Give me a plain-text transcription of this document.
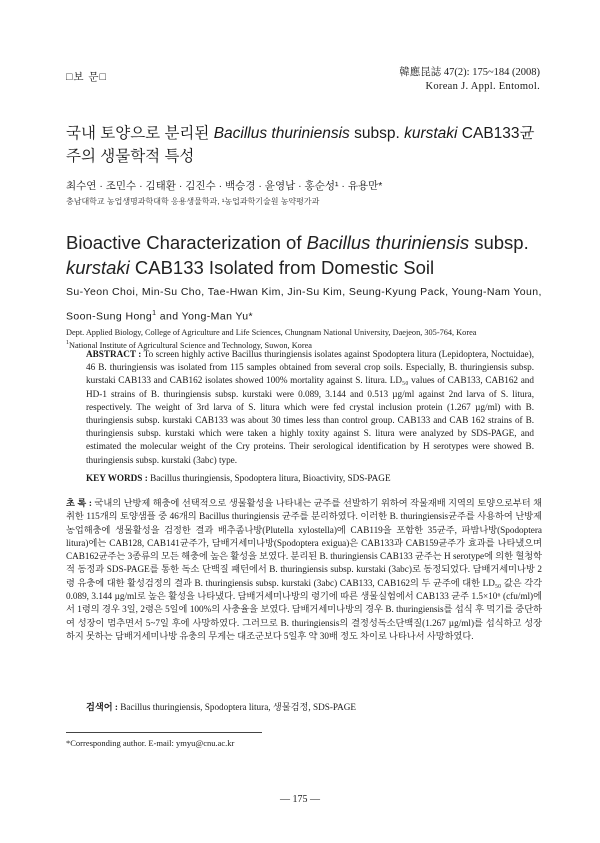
□보 문□	韓應昆誌 47(2): 175~184 (2008)
Korean J. Appl. Entomol.
국내 토양으로 분리된 Bacillus thuriniensis subsp. kurstaki CAB133균주의 생물학적 특성
최수연 · 조민수 · 김태환 · 김진수 · 백승경 · 윤영남 · 홍순성¹ · 유용만*
충남대학교 농업생명과학대학 응용생물학과, ¹농업과학기술원 농약평가과
Bioactive Characterization of Bacillus thuriniensis subsp. kurstaki CAB133 Isolated from Domestic Soil
Su-Yeon Choi, Min-Su Cho, Tae-Hwan Kim, Jin-Su Kim, Seung-Kyung Pack, Young-Nam Youn,
Soon-Sung Hong$^1$ and Yong-Man Yu*
Dept. Applied Biology, College of Agriculture and Life Sciences, Chungnam National University, Daejeon, 305-764, Korea
$^1$National Institute of Agricultural Science and Technology, Suwon, Korea
ABSTRACT : To screen highly active Bacillus thuringiensis isolates against Spodoptera litura (Lepidoptera, Noctuidae), 46 B. thuringiensis was isolated from 115 samples obtained from several crop soils. Especially, B. thuringiensis subsp. kurstaki CAB133 and CAB162 isolates showed 100% mortality against S. litura. LD₅₀ values of CAB133, CAB162 and HD-1 strains of B. thuringiensis subsp. kurstaki were 0.089, 3.144 and 0.513 µg/ml against 2nd larva of S. litura, respectively. The weight of 3rd larva of S. litura which were fed crystal inclusion protein (1.267 µg/ml) with B. thuringiensis subsp. kurstaki CAB133 was about 30 times less than control group. CAB133 and CAB 162 strains of B. thuringiensis subsp. kurstaki which were taken a highly toxity against S. litura were analyzed by SDS-PAGE, and estimated the molecular weight of the Cry proteins. Their serological identification by H serotypes were showed B. thuringiensis subsp. kurstaki (3abc) type.
KEY WORDS : Bacillus thuringiensis, Spodoptera litura, Bioactivity, SDS-PAGE
초 록 : 국내의 난방제 해충에 선택적으로 생물활성을 나타내는 균주를 선발하기 위하여 작물재배 지역의 토양으로부터 채취한 115개의 토양샘플 중 46개의 Bacillus thuringiensis 균주를 분리하였다. 이러한 B. thuringiensis균주를 사용하여 난방제 농업해충에 생물활성을 검정한 결과 배추좀나방(Plutella xylostella)에 CAB119을 포함한 35균주, 파밤나방(Spodoptera litura)에는 CAB128, CAB141균주가, 담배거세미나방(Spodoptera exigua)은 CAB133과 CAB159균주가 효과를 나타냈으며 CAB162균주는 3종류의 모든 해충에 높은 활성을 보였다. 분리된 B. thuringiensis CAB133 균주는 H serotype에 의한 혈청학적 동정과 SDS-PAGE를 통한 독소 단백질 패턴에서 B. thuringiensis subsp. kurstaki (3abc)로 동정되었다. 담배거세미나방 2령 유충에 대한 활성검정의 결과 B. thuringiensis subsp. kurstaki (3abc) CAB133, CAB162의 두 균주에 대한 LD₅₀ 값은 각각 0.089, 3.144 µg/ml로 높은 활성을 나타냈다. 담배거세미나방의 령기에 따른 생물실험에서 CAB133 균주 1.5×10⁶ (cfu/ml)에서 1령의 경우 3일, 2령은 5일에 100%의 사충율을 보였다. 담배거세미나방의 경우 B. thuringiensis를 섭식 후 먹기를 중단하여 성장이 멈추면서 5~7일 후에 사망하였다. 그러므로 B. thuringiensis의 결정성독소단백질(1.267 µg/ml)를 섭식하고 성장하지 못하는 담배거세미나방 유충의 무게는 대조군보다 5일후 약 30배 정도 차이로 나타나서 사망하였다.
검색어 : Bacillus thuringiensis, Spodoptera litura, 생물검정, SDS-PAGE
*Corresponding author. E-mail: ymyu@cnu.ac.kr
— 175 —
